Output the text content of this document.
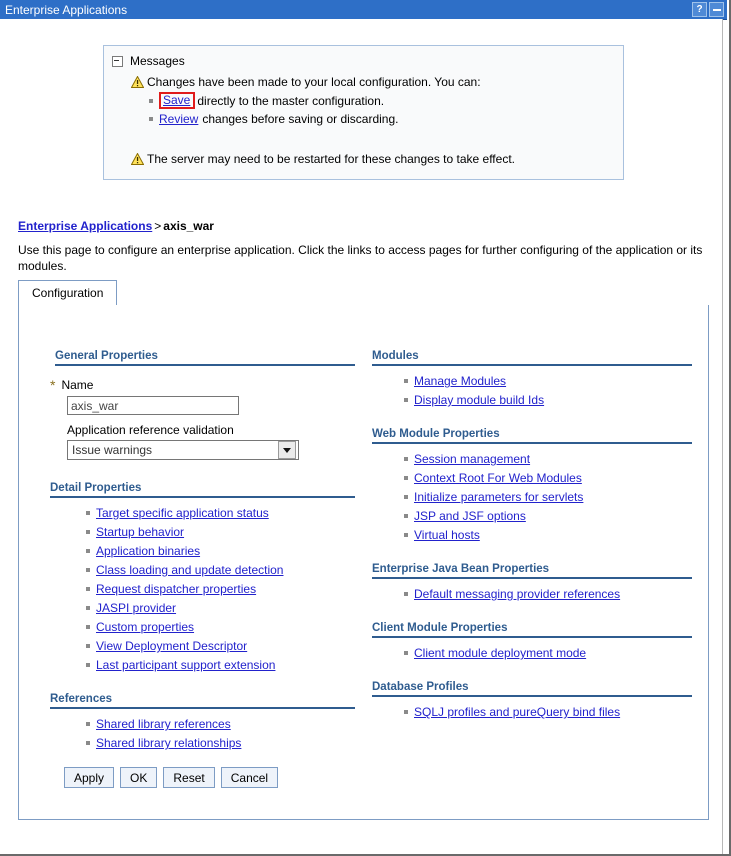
Enterprise Applications	?
Messages
Changes have been made to your local configuration. You can:
Save directly to the master configuration.
Review changes before saving or discarding.
The server may need to be restarted for these changes to take effect.
Enterprise Applications > axis_war
Use this page to configure an enterprise application. Click the links to access pages for further configuring of the application or its modules.
Configuration
General Properties
* Name
axis_war
Application reference validation
Issue warnings
Detail Properties
Target specific application status
Startup behavior
Application binaries
Class loading and update detection
Request dispatcher properties
JASPI provider
Custom properties
View Deployment Descriptor
Last participant support extension
References
Shared library references
Shared library relationships
Modules
Manage Modules
Display module build Ids
Web Module Properties
Session management
Context Root For Web Modules
Initialize parameters for servlets
JSP and JSF options
Virtual hosts
Enterprise Java Bean Properties
Default messaging provider references
Client Module Properties
Client module deployment mode
Database Profiles
SQLJ profiles and pureQuery bind files
Apply	OK	Reset	Cancel
